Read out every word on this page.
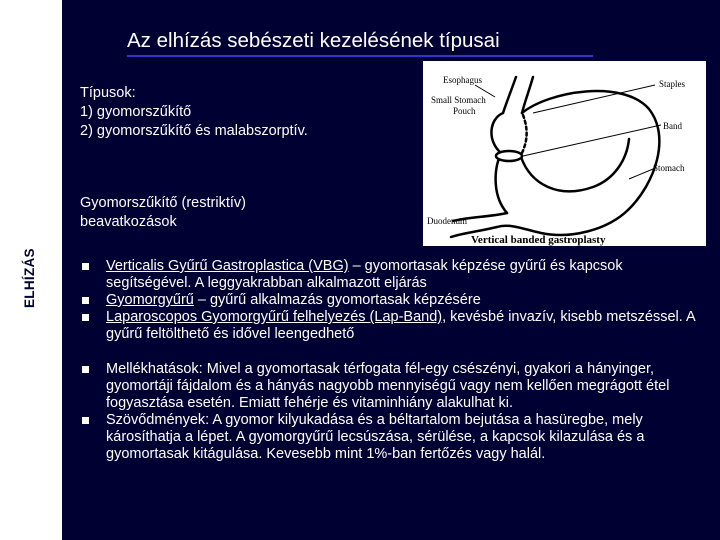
ELHÍZÁS
Az elhízás sebészeti kezelésének típusai
Típusok:
1) gyomorszűkítő
2) gyomorszűkítő és malabszorptív.
Gyomorszűkítő (restriktív)
beavatkozások
Esophagus
Small Stomach
Pouch
Staples
Band
Stomach
Duodenum
Vertical banded gastroplasty
Verticalis Gyűrű Gastroplastica (VBG) – gyomortasak képzése gyűrű és kapcsok segítségével. A leggyakrabban alkalmazott eljárás
Gyomorgyűrű – gyűrű alkalmazás gyomortasak képzésére
Laparoscopos Gyomorgyűrű felhelyezés (Lap-Band), kevésbé invazív, kisebb metszéssel. A gyűrű feltölthető és idővel leengedhető
Mellékhatások: Mivel a gyomortasak térfogata fél-egy csészényi, gyakori a hányinger, gyomortáji fájdalom és a hányás nagyobb mennyiségű vagy nem kellően megrágott étel fogyasztása esetén. Emiatt fehérje és vitaminhiány alakulhat ki.
Szövődmények: A gyomor kilyukadása és a béltartalom bejutása a hasüregbe, mely károsíthatja a lépet. A gyomorgyűrű lecsúszása, sérülése, a kapcsok kilazulása és a gyomortasak kitágulása. Kevesebb mint 1%-ban fertőzés vagy halál.
